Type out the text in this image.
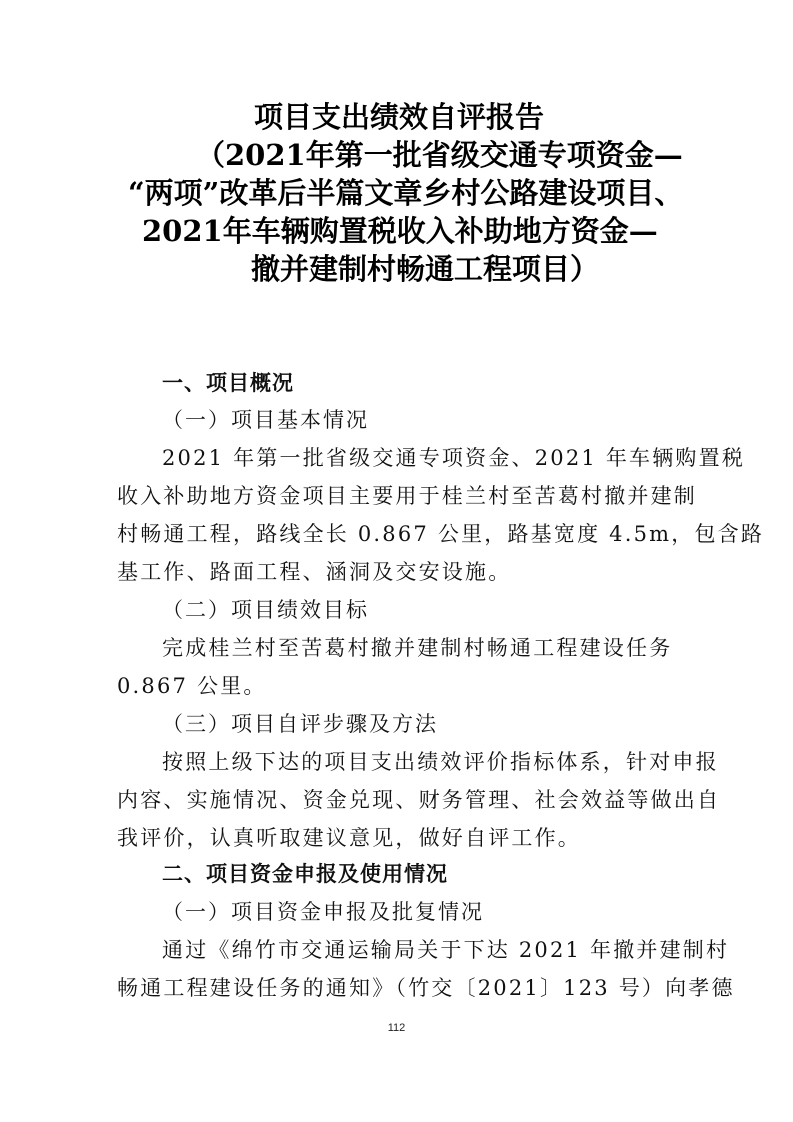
项目支出绩效自评报告
（2021年第一批省级交通专项资金—
“两项”改革后半篇文章乡村公路建设项目、
2021年车辆购置税收入补助地方资金—
撤并建制村畅通工程项目）
一、项目概况
（一）项目基本情况
2021 年第一批省级交通专项资金、2021 年车辆购置税
收入补助地方资金项目主要用于桂兰村至苦葛村撤并建制
村畅通工程，路线全长 0.867 公里，路基宽度 4.5m，包含路
基工作、路面工程、涵洞及交安设施。
（二）项目绩效目标
完成桂兰村至苦葛村撤并建制村畅通工程建设任务
0.867 公里。
（三）项目自评步骤及方法
按照上级下达的项目支出绩效评价指标体系，针对申报
内容、实施情况、资金兑现、财务管理、社会效益等做出自
我评价，认真听取建议意见，做好自评工作。
二、项目资金申报及使用情况
（一）项目资金申报及批复情况
通过《绵竹市交通运输局关于下达 2021 年撤并建制村
畅通工程建设任务的通知》（竹交〔2021〕123 号）向孝德
112
